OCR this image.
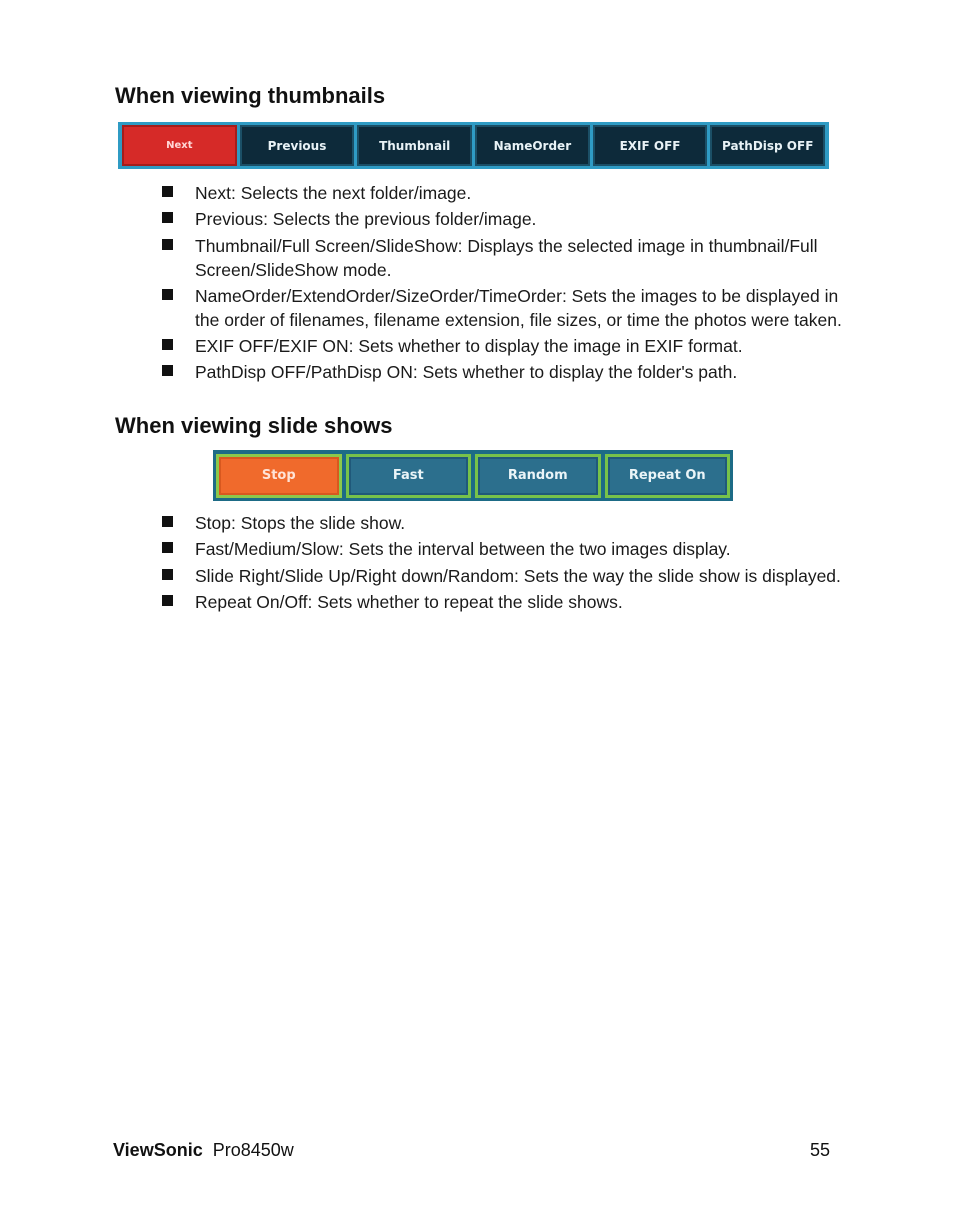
When viewing thumbnails
Next	Previous	Thumbnail	NameOrder	EXIF OFF	PathDisp OFF
Next: Selects the next folder/image.
Previous: Selects the previous folder/image.
Thumbnail/Full Screen/SlideShow: Displays the selected image in thumbnail/Full Screen/SlideShow mode.
NameOrder/ExtendOrder/SizeOrder/TimeOrder: Sets the images to be displayed in the order of filenames, filename extension, file sizes, or time the photos were taken.
EXIF OFF/EXIF ON: Sets whether to display the image in EXIF format.
PathDisp OFF/PathDisp ON: Sets whether to display the folder's path.
When viewing slide shows
Stop	Fast	Random	Repeat On
Stop: Stops the slide show.
Fast/Medium/Slow: Sets the interval between the two images display.
Slide Right/Slide Up/Right down/Random: Sets the way the slide show is displayed.
Repeat On/Off: Sets whether to repeat the slide shows.
ViewSonic Pro8450w	55
